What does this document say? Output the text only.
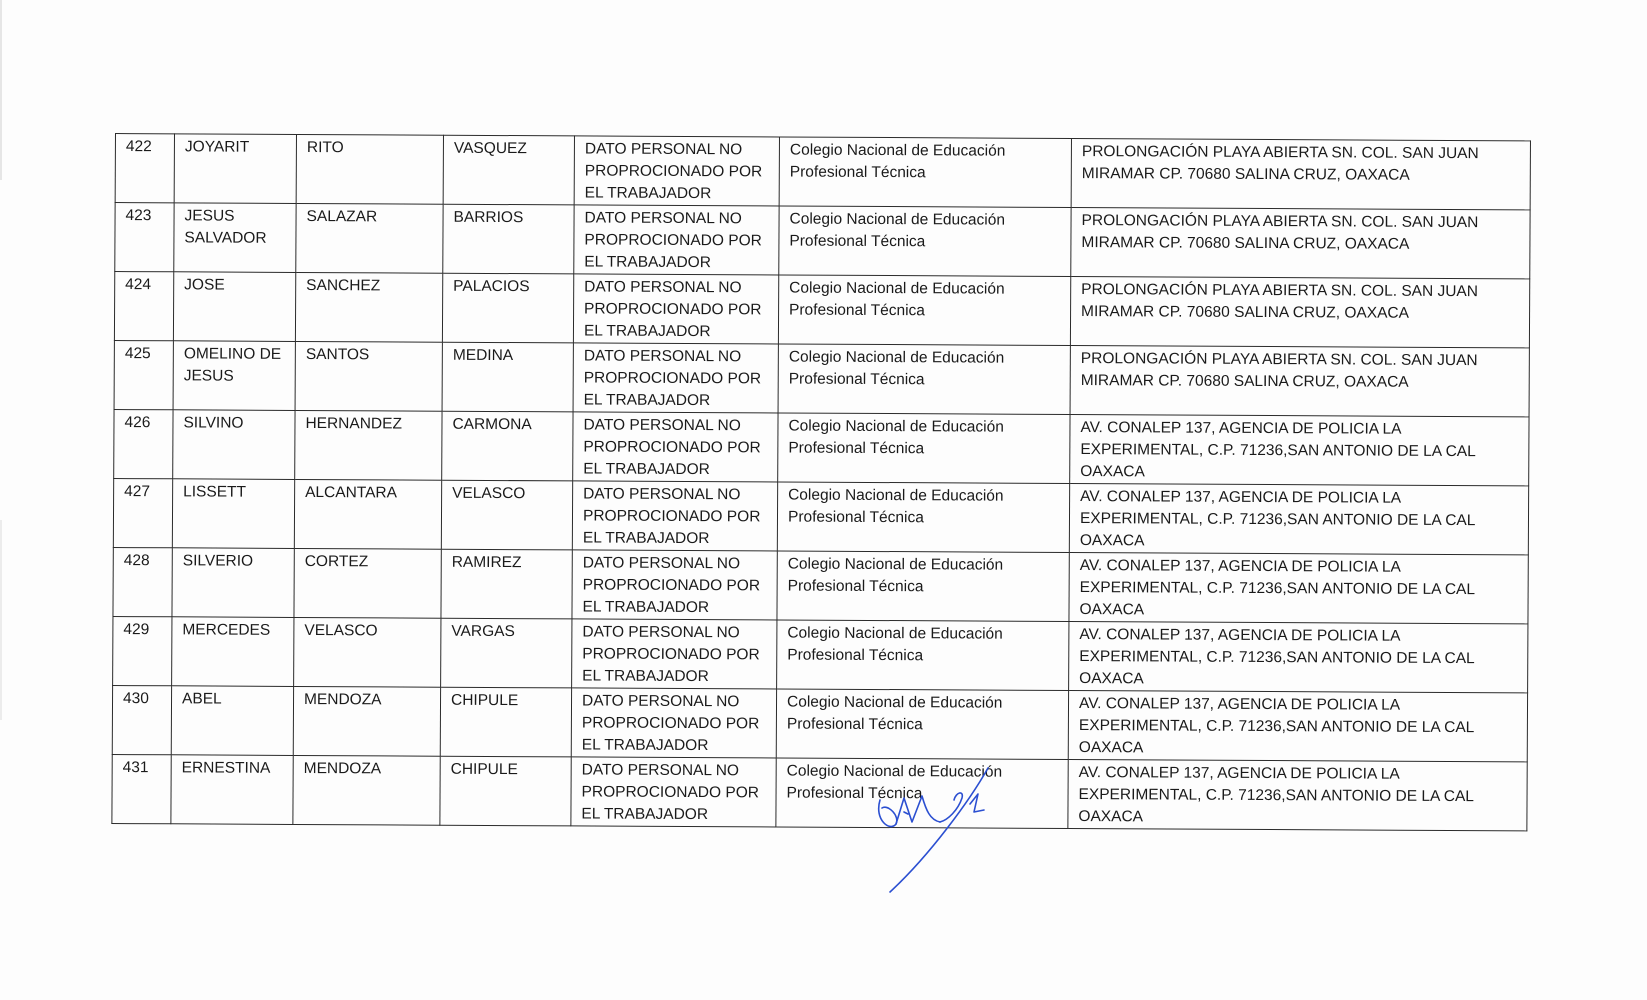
422	JOYARIT	RITO	VASQUEZ	DATO PERSONAL NO PROPROCIONADO POR EL TRABAJADOR	Colegio Nacional de Educación Profesional Técnica	PROLONGACIÓN PLAYA ABIERTA SN. COL. SAN JUAN MIRAMAR CP. 70680 SALINA CRUZ, OAXACA
423	JESUS SALVADOR	SALAZAR	BARRIOS	DATO PERSONAL NO PROPROCIONADO POR EL TRABAJADOR	Colegio Nacional de Educación Profesional Técnica	PROLONGACIÓN PLAYA ABIERTA SN. COL. SAN JUAN MIRAMAR CP. 70680 SALINA CRUZ, OAXACA
424	JOSE	SANCHEZ	PALACIOS	DATO PERSONAL NO PROPROCIONADO POR EL TRABAJADOR	Colegio Nacional de Educación Profesional Técnica	PROLONGACIÓN PLAYA ABIERTA SN. COL. SAN JUAN MIRAMAR CP. 70680 SALINA CRUZ, OAXACA
425	OMELINO DE JESUS	SANTOS	MEDINA	DATO PERSONAL NO PROPROCIONADO POR EL TRABAJADOR	Colegio Nacional de Educación Profesional Técnica	PROLONGACIÓN PLAYA ABIERTA SN. COL. SAN JUAN MIRAMAR CP. 70680 SALINA CRUZ, OAXACA
426	SILVINO	HERNANDEZ	CARMONA	DATO PERSONAL NO PROPROCIONADO POR EL TRABAJADOR	Colegio Nacional de Educación Profesional Técnica	AV. CONALEP 137, AGENCIA DE POLICIA LA EXPERIMENTAL, C.P. 71236,SAN ANTONIO DE LA CAL OAXACA
427	LISSETT	ALCANTARA	VELASCO	DATO PERSONAL NO PROPROCIONADO POR EL TRABAJADOR	Colegio Nacional de Educación Profesional Técnica	AV. CONALEP 137, AGENCIA DE POLICIA LA EXPERIMENTAL, C.P. 71236,SAN ANTONIO DE LA CAL OAXACA
428	SILVERIO	CORTEZ	RAMIREZ	DATO PERSONAL NO PROPROCIONADO POR EL TRABAJADOR	Colegio Nacional de Educación Profesional Técnica	AV. CONALEP 137, AGENCIA DE POLICIA LA EXPERIMENTAL, C.P. 71236,SAN ANTONIO DE LA CAL OAXACA
429	MERCEDES	VELASCO	VARGAS	DATO PERSONAL NO PROPROCIONADO POR EL TRABAJADOR	Colegio Nacional de Educación Profesional Técnica	AV. CONALEP 137, AGENCIA DE POLICIA LA EXPERIMENTAL, C.P. 71236,SAN ANTONIO DE LA CAL OAXACA
430	ABEL	MENDOZA	CHIPULE	DATO PERSONAL NO PROPROCIONADO POR EL TRABAJADOR	Colegio Nacional de Educación Profesional Técnica	AV. CONALEP 137, AGENCIA DE POLICIA LA EXPERIMENTAL, C.P. 71236,SAN ANTONIO DE LA CAL OAXACA
431	ERNESTINA	MENDOZA	CHIPULE	DATO PERSONAL NO PROPROCIONADO POR EL TRABAJADOR	Colegio Nacional de Educación Profesional Técnica	AV. CONALEP 137, AGENCIA DE POLICIA LA EXPERIMENTAL, C.P. 71236,SAN ANTONIO DE LA CAL OAXACA
